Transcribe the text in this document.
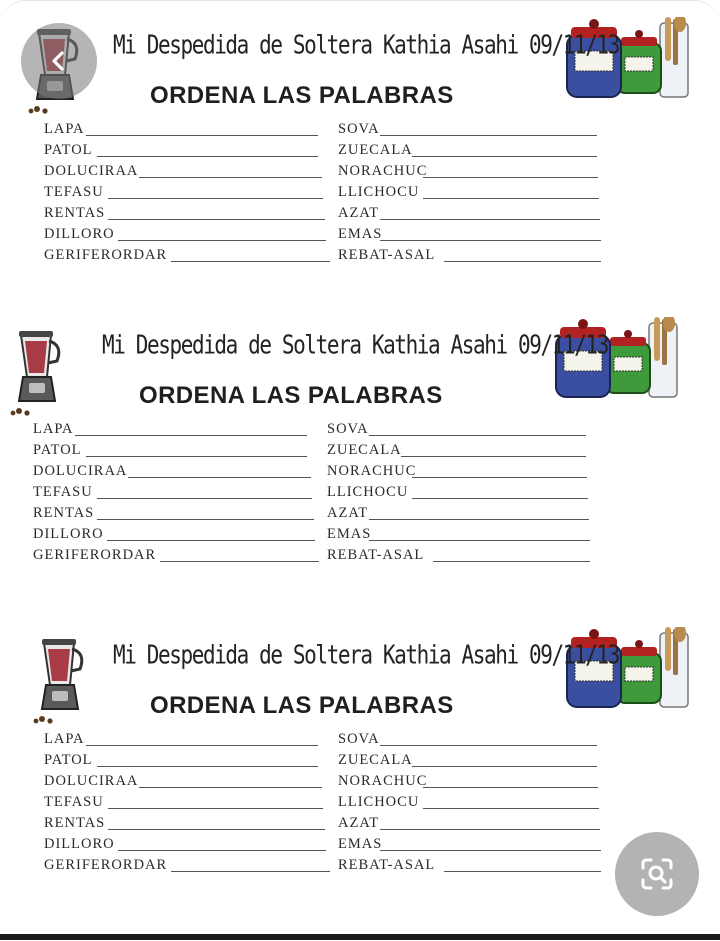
Mi Despedida de Soltera Kathia Asahi 09/11/13
ORDENA LAS PALABRAS
LAPA
PATOL
DOLUCIRAA
TEFASU
RENTAS
DILLORO
GERIFERORDAR
SOVA
ZUECALA
NORACHUC
LLICHOCU
AZAT
EMAS
REBAT-ASAL
Mi Despedida de Soltera Kathia Asahi 09/11/13
ORDENA LAS PALABRAS
LAPA
PATOL
DOLUCIRAA
TEFASU
RENTAS
DILLORO
GERIFERORDAR
SOVA
ZUECALA
NORACHUC
LLICHOCU
AZAT
EMAS
REBAT-ASAL
Mi Despedida de Soltera Kathia Asahi 09/11/13
ORDENA LAS PALABRAS
LAPA
PATOL
DOLUCIRAA
TEFASU
RENTAS
DILLORO
GERIFERORDAR
SOVA
ZUECALA
NORACHUC
LLICHOCU
AZAT
EMAS
REBAT-ASAL
